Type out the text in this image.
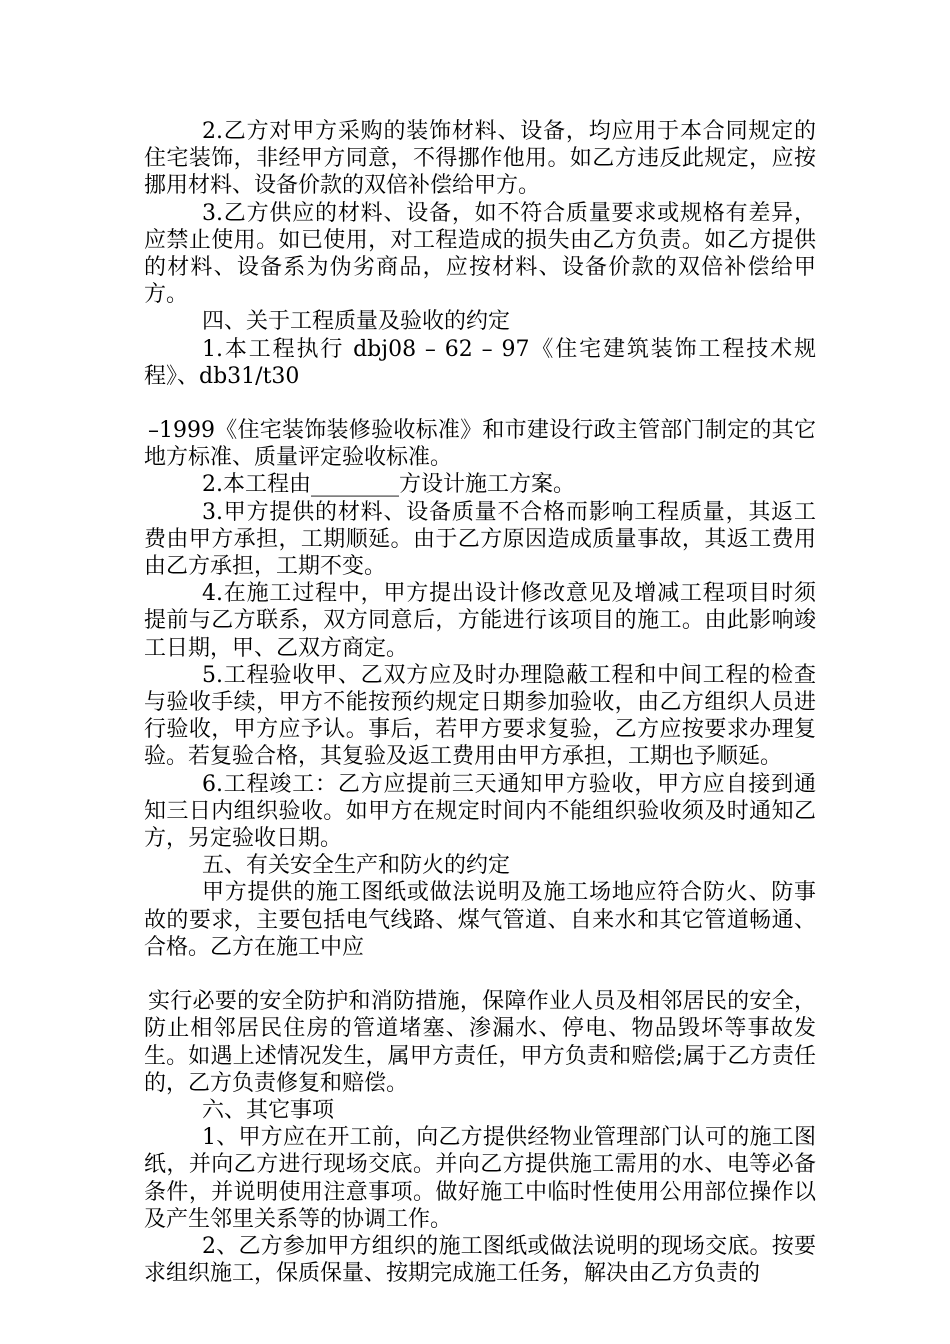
2.乙方对甲方采购的装饰材料、设备，均应用于本合同规定的住宅装饰，非经甲方同意，不得挪作他用。如乙方违反此规定，应按挪用材料、设备价款的双倍补偿给甲方。

3.乙方供应的材料、设备，如不符合质量要求或规格有差异，应禁止使用。如已使用，对工程造成的损失由乙方负责。如乙方提供的材料、设备系为伪劣商品，应按材料、设备价款的双倍补偿给甲方。

四、关于工程质量及验收的约定

1.本工程执行 dbj08 – 62 – 97《住宅建筑装饰工程技术规程》、db31/t30

–1999《住宅装饰装修验收标准》和市建设行政主管部门制定的其它地方标准、质量评定验收标准。

2.本工程由________方设计施工方案。

3.甲方提供的材料、设备质量不合格而影响工程质量，其返工费由甲方承担，工期顺延。由于乙方原因造成质量事故，其返工费用由乙方承担，工期不变。

4.在施工过程中，甲方提出设计修改意见及增减工程项目时须提前与乙方联系，双方同意后，方能进行该项目的施工。由此影响竣工日期，甲、乙双方商定。

5.工程验收甲、乙双方应及时办理隐蔽工程和中间工程的检查与验收手续，甲方不能按预约规定日期参加验收，由乙方组织人员进行验收，甲方应予认。事后，若甲方要求复验，乙方应按要求办理复验。若复验合格，其复验及返工费用由甲方承担，工期也予顺延。

6.工程竣工：乙方应提前三天通知甲方验收，甲方应自接到通知三日内组织验收。如甲方在规定时间内不能组织验收须及时通知乙方，另定验收日期。

五、有关安全生产和防火的约定

甲方提供的施工图纸或做法说明及施工场地应符合防火、防事故的要求，主要包括电气线路、煤气管道、自来水和其它管道畅通、合格。乙方在施工中应

实行必要的安全防护和消防措施，保障作业人员及相邻居民的安全，防止相邻居民住房的管道堵塞、渗漏水、停电、物品毁坏等事故发生。如遇上述情况发生，属甲方责任，甲方负责和赔偿;属于乙方责任的，乙方负责修复和赔偿。

六、其它事项

1、甲方应在开工前，向乙方提供经物业管理部门认可的施工图纸，并向乙方进行现场交底。并向乙方提供施工需用的水、电等必备条件，并说明使用注意事项。做好施工中临时性使用公用部位操作以及产生邻里关系等的协调工作。

2、乙方参加甲方组织的施工图纸或做法说明的现场交底。按要求组织施工，保质保量、按期完成施工任务，解决由乙方负责的
